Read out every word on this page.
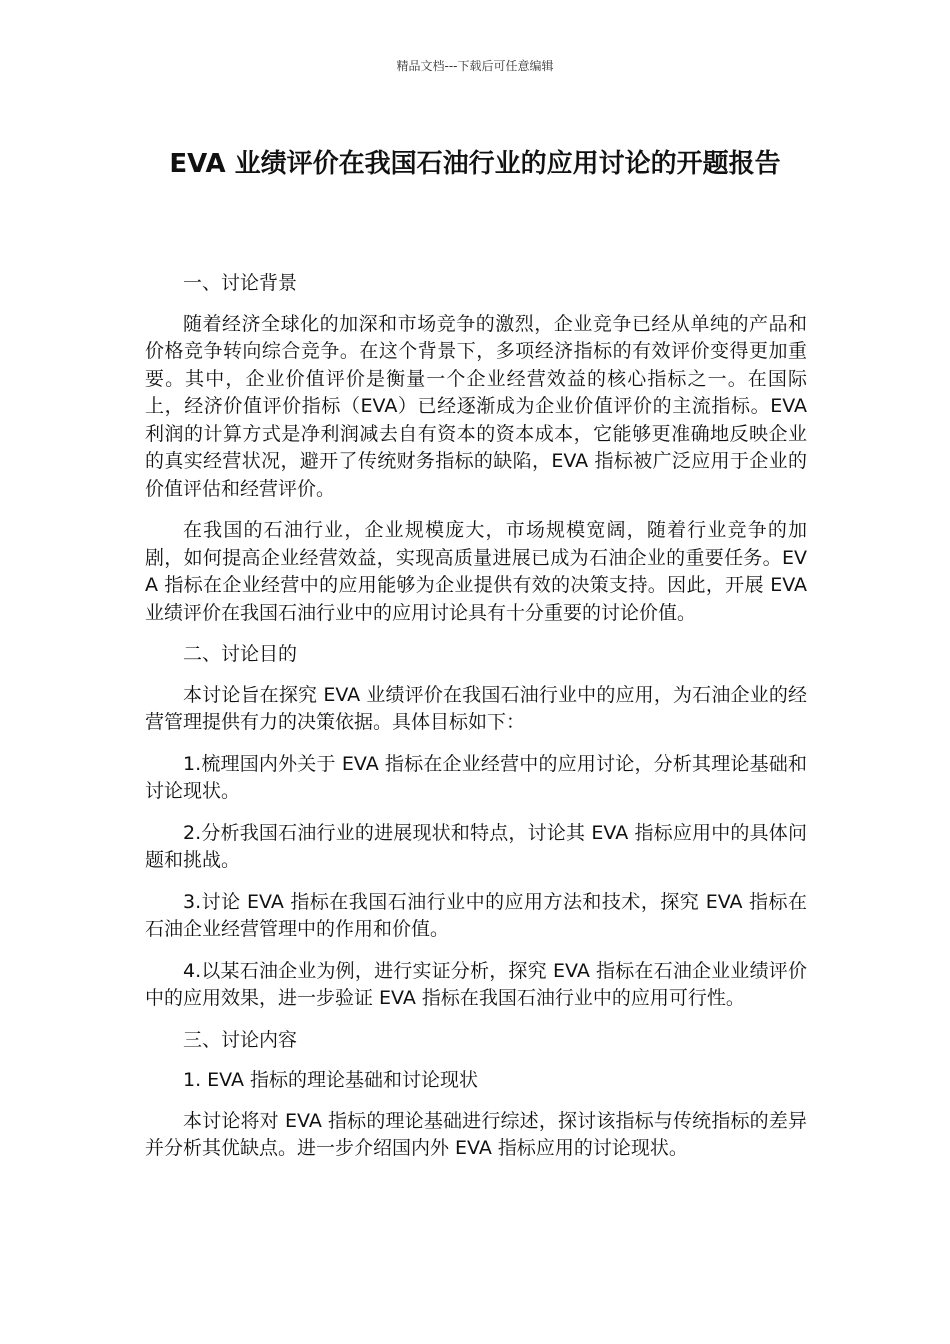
精品文档---下载后可任意编辑
EVA 业绩评价在我国石油行业的应用讨论的开题报告

一、讨论背景

随着经济全球化的加深和市场竞争的激烈，企业竞争已经从单纯的产品和价格竞争转向综合竞争。在这个背景下，多项经济指标的有效评价变得更加重要。其中，企业价值评价是衡量一个企业经营效益的核心指标之一。在国际上，经济价值评价指标（EVA）已经逐渐成为企业价值评价的主流指标。EVA 利润的计算方式是净利润减去自有资本的资本成本，它能够更准确地反映企业的真实经营状况，避开了传统财务指标的缺陷，EVA 指标被广泛应用于企业的价值评估和经营评价。

在我国的石油行业，企业规模庞大，市场规模宽阔，随着行业竞争的加剧，如何提高企业经营效益，实现高质量进展已成为石油企业的重要任务。EVA 指标在企业经营中的应用能够为企业提供有效的决策支持。因此，开展 EVA 业绩评价在我国石油行业中的应用讨论具有十分重要的讨论价值。

二、讨论目的

本讨论旨在探究 EVA 业绩评价在我国石油行业中的应用，为石油企业的经营管理提供有力的决策依据。具体目标如下：

1.梳理国内外关于 EVA 指标在企业经营中的应用讨论，分析其理论基础和讨论现状。

2.分析我国石油行业的进展现状和特点，讨论其 EVA 指标应用中的具体问题和挑战。

3.讨论 EVA 指标在我国石油行业中的应用方法和技术，探究 EVA 指标在石油企业经营管理中的作用和价值。

4.以某石油企业为例，进行实证分析，探究 EVA 指标在石油企业业绩评价中的应用效果，进一步验证 EVA 指标在我国石油行业中的应用可行性。

三、讨论内容

1. EVA 指标的理论基础和讨论现状

本讨论将对 EVA 指标的理论基础进行综述，探讨该指标与传统指标的差异并分析其优缺点。进一步介绍国内外 EVA 指标应用的讨论现状。
